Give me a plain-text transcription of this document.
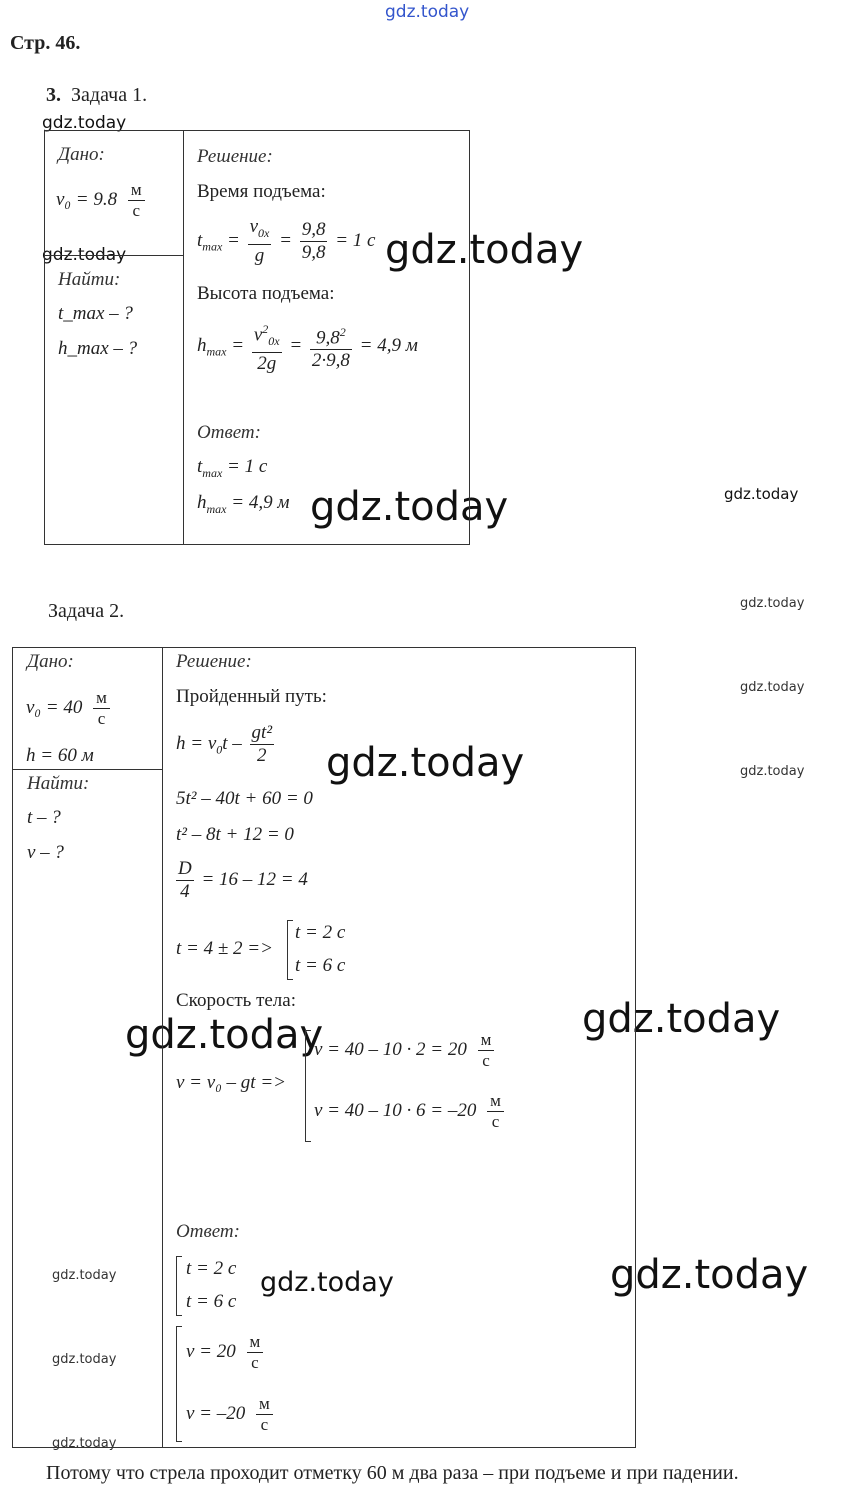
gdz.today
gdz.today
gdz.today	gdz.today
gdz.today	gdz.today
gdz.today
gdz.today
gdz.today
gdz.today
gdz.today	gdz.today
gdz.today
gdz.today
gdz.today
gdz.today
gdz.today
Стр. 46.
3. Задача 1.
Дано:
$v_0 = 9.8 \frac{м}{с}$
Найти:
t_max – ?
h_max – ?
Решение:
Время подъема:
$t_{max} = \frac{v_{0x}}{g} = \frac{9,8}{9,8} = 1$ с
Высота подъема:
$h_{max} = \frac{v^2_{0x}}{2g} = \frac{9,8^2}{2\cdot 9,8} = 4,9$ м
Ответ:
$t_{max} = 1$ с
$h_{max} = 4,9$ м
Задача 2.
Дано:
$v_0 = 40 \frac{м}{с}$
h = 60 м
Найти:
t – ?
v – ?
Решение:
Пройденный путь:
$h = v_0t - \frac{\text{gt²}}{2}$
5t² – 40t + 60 = 0
t² – 8t + 12 = 0
$\frac{D}{4} = 16 - 12 = 4$
t = 4 ± 2 =>
t = 2 с
t = 6 с
Скорость тела:
v = v₀ – gt =>
$v = 40 - 10 \cdot 2 = 20 \frac{м}{с}$
$v = 40 - 10 \cdot 6 = -20 \frac{м}{с}$
Ответ:
t = 2 с
t = 6 с
$v = 20 \frac{м}{с}$
$v = -20 \frac{м}{с}$
Потому что стрела проходит отметку 60 м два раза – при подъеме и при падении.
